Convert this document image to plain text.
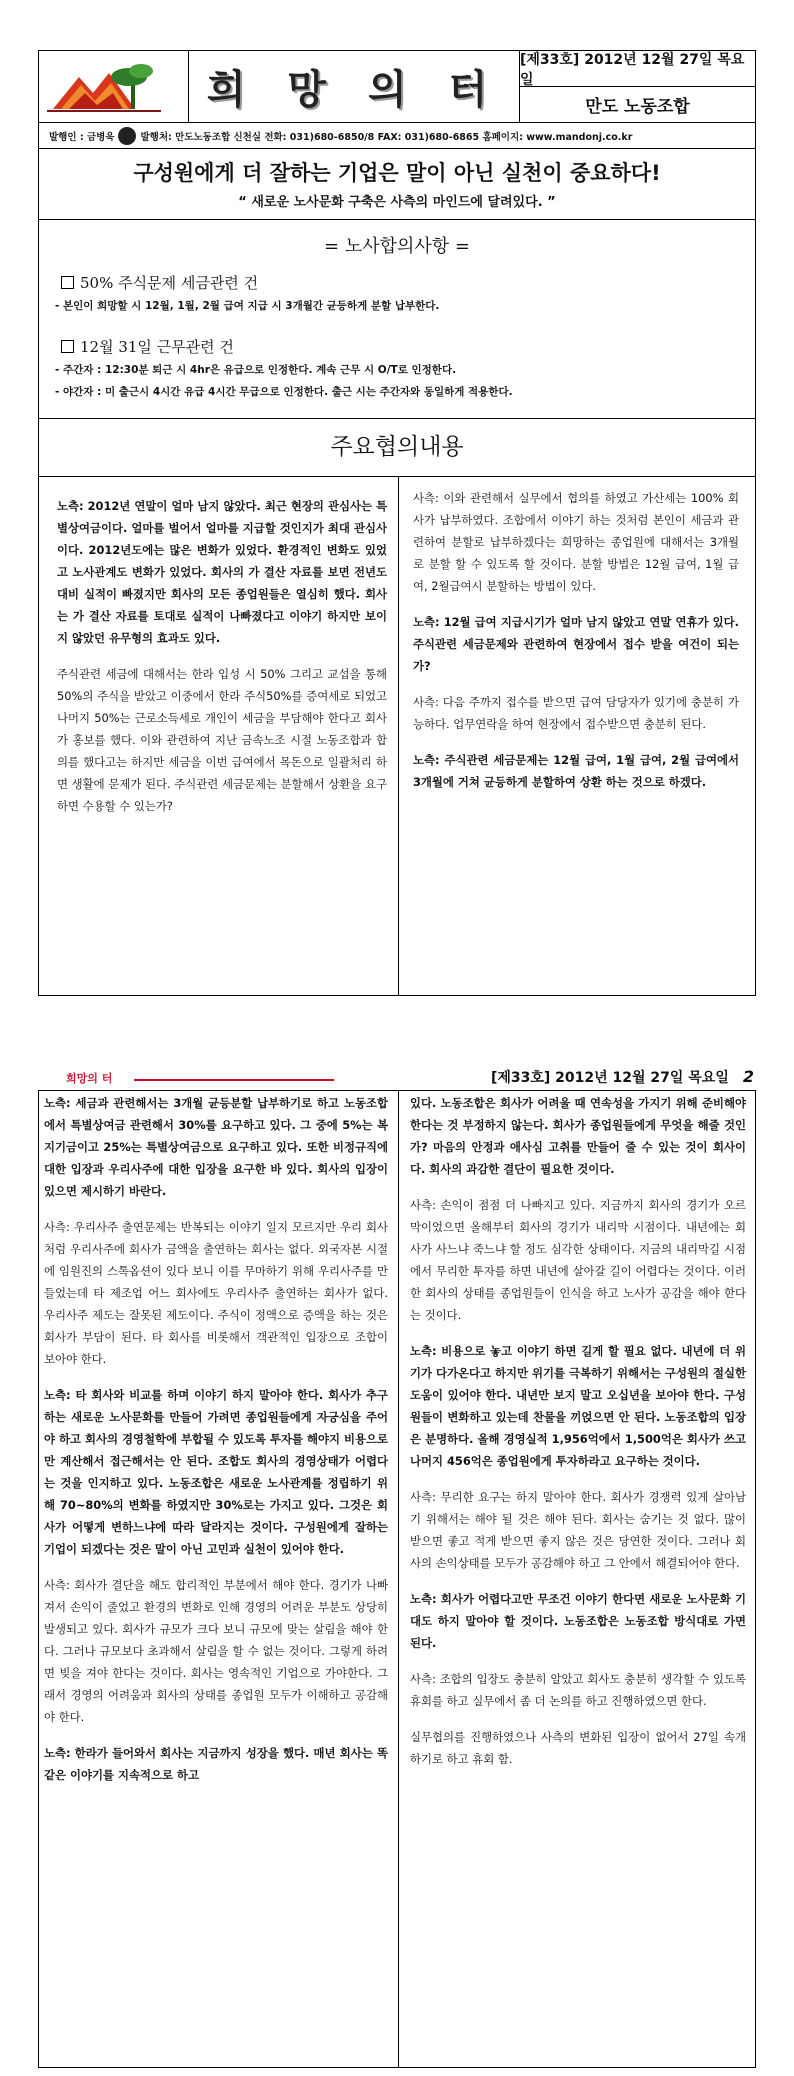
희 망 의 터
[제33호] 2012년 12월 27일 목요일
만도 노동조합
발행인 : 금병욱	발행처: 만도노동조합 신천실 전화: 031)680-6850/8 FAX: 031)680-6865 홈페이지: www.mandonj.co.kr
구성원에게 더 잘하는 기업은 말이 아닌 실천이 중요하다!
“ 새로운 노사문화 구축은 사측의 마인드에 달려있다. ”
= 노사합의사항 =
50% 주식문제 세금관련 건
- 본인이 희망할 시 12월, 1월, 2월 급여 지급 시 3개월간 균등하게 분할 납부한다.
12월 31일 근무관련 건
- 주간자 : 12:30분 퇴근 시 4hr은 유급으로 인정한다. 계속 근무 시 O/T로 인정한다.
- 야간자 : 미 출근시 4시간 유급 4시간 무급으로 인정한다. 출근 시는 주간자와 동일하게 적용한다.
주요협의내용

노측: 2012년 연말이 얼마 남지 않았다. 최근 현장의 관심사는 특별상여금이다. 얼마를 벌어서 얼마를 지급할 것인지가 최대 관심사이다. 2012년도에는 많은 변화가 있었다. 환경적인 변화도 있었고 노사관계도 변화가 있었다. 회사의 가 결산 자료를 보면 전년도 대비 실적이 빠졌지만 회사의 모든 종업원들은 열심히 했다. 회사는 가 결산 자료를 토대로 실적이 나빠졌다고 이야기 하지만 보이지 않았던 유무형의 효과도 있다.

주식관련 세금에 대해서는 한라 입성 시 50% 그리고 교섭을 통해 50%의 주식을 받았고 이중에서 한라 주식50%를 증여세로 되었고 나머지 50%는 근로소득세로 개인이 세금을 부담해야 한다고 회사가 홍보를 했다. 이와 관련하여 지난 금속노조 시절 노동조합과 합의를 했다고는 하지만 세금을 이번 급여에서 목돈으로 일괄처리 하면 생활에 문제가 된다. 주식관련 세금문제는 분할해서 상환을 요구하면 수용할 수 있는가?

사측: 이와 관련해서 실무에서 협의를 하였고 가산세는 100% 회사가 납부하였다. 조합에서 이야기 하는 것처럼 본인이 세금과 관련하여 분할로 납부하겠다는 희망하는 종업원에 대해서는 3개월로 분할 할 수 있도록 할 것이다. 분할 방법은 12월 급여, 1월 급여, 2월급여시 분할하는 방법이 있다.

노측: 12월 급여 지급시기가 얼마 남지 않았고 연말 연휴가 있다. 주식관련 세금문제와 관련하여 현장에서 접수 받을 여건이 되는가?

사측: 다음 주까지 접수를 받으면 급여 담당자가 있기에 충분히 가능하다. 업무연락을 하여 현장에서 접수받으면 충분히 된다.

노측: 주식관련 세금문제는 12월 급여, 1월 급여, 2월 급여에서 3개월에 거쳐 균등하게 분할하여 상환 하는 것으로 하겠다.

희망의 터	[제33호] 2012년 12월 27일 목요일 2

노측: 세금과 관련해서는 3개월 균등분할 납부하기로 하고 노동조합에서 특별상여금 관련해서 30%를 요구하고 있다. 그 중에 5%는 복지기금이고 25%는 특별상여금으로 요구하고 있다. 또한 비정규직에 대한 입장과 우리사주에 대한 입장을 요구한 바 있다. 회사의 입장이 있으면 제시하기 바란다.

사측: 우리사주 출연문제는 반복되는 이야기 일지 모르지만 우리 회사처럼 우리사주에 회사가 금액을 출연하는 회사는 없다. 외국자본 시절에 임원진의 스톡옵션이 있다 보니 이를 무마하기 위해 우리사주를 만들었는데 타 제조업 어느 회사에도 우리사주 출연하는 회사가 없다. 우리사주 제도는 잘못된 제도이다. 주식이 정액으로 증액을 하는 것은 회사가 부담이 된다. 타 회사를 비롯해서 객관적인 입장으로 조합이 보아야 한다.

노측: 타 회사와 비교를 하며 이야기 하지 말아야 한다. 회사가 추구하는 새로운 노사문화를 만들어 가려면 종업원들에게 자긍심을 주어야 하고 회사의 경영철학에 부합될 수 있도록 투자를 해야지 비용으로만 계산해서 접근해서는 안 된다. 조합도 회사의 경영상태가 어렵다는 것을 인지하고 있다. 노동조합은 새로운 노사관계를 정립하기 위해 70~80%의 변화를 하였지만 30%로는 가지고 있다. 그것은 회사가 어떻게 변하느냐에 따라 달라지는 것이다. 구성원에게 잘하는 기업이 되겠다는 것은 말이 아닌 고민과 실천이 있어야 한다.

사측: 회사가 결단을 해도 합리적인 부분에서 해야 한다. 경기가 나빠져서 손익이 줄었고 환경의 변화로 인해 경영의 어려운 부분도 상당히 발생되고 있다. 회사가 규모가 크다 보니 규모에 맞는 살림을 해야 한다. 그러나 규모보다 초과해서 살림을 할 수 없는 것이다. 그렇게 하려면 빚을 져야 한다는 것이다. 회사는 영속적인 기업으로 가야한다. 그래서 경영의 어려움과 회사의 상태를 종업원 모두가 이해하고 공감해야 한다.

노측: 한라가 들어와서 회사는 지금까지 성장을 했다. 매년 회사는 똑같은 이야기를 지속적으로 하고

있다. 노동조합은 회사가 어려울 때 연속성을 가지기 위해 준비해야 한다는 것 부정하지 않는다. 회사가 종업원들에게 무엇을 해줄 것인가? 마음의 안정과 애사심 고취를 만들어 줄 수 있는 것이 회사이다. 회사의 과감한 결단이 필요한 것이다.

사측: 손익이 점점 더 나빠지고 있다. 지금까지 회사의 경기가 오르막이었으면 올해부터 회사의 경기가 내리막 시점이다. 내년에는 회사가 사느냐 죽느냐 할 정도 심각한 상태이다. 지금의 내리막길 시점에서 무리한 투자를 하면 내년에 살아갈 길이 어렵다는 것이다. 이러한 회사의 상태를 종업원들이 인식을 하고 노사가 공감을 해야 한다는 것이다.

노측: 비용으로 놓고 이야기 하면 길게 할 필요 없다. 내년에 더 위기가 다가온다고 하지만 위기를 극복하기 위해서는 구성원의 절실한 도움이 있어야 한다. 내년만 보지 말고 오십년을 보아야 한다. 구성원들이 변화하고 있는데 찬물을 끼얹으면 안 된다. 노동조합의 입장은 분명하다. 올해 경영실적 1,956억에서 1,500억은 회사가 쓰고 나머지 456억은 종업원에게 투자하라고 요구하는 것이다.

사측: 무리한 요구는 하지 말아야 한다. 회사가 경쟁력 있게 살아남기 위해서는 해야 될 것은 해야 된다. 회사는 숨기는 것 없다. 많이 받으면 좋고 적게 받으면 좋지 않은 것은 당연한 것이다. 그러나 회사의 손익상태를 모두가 공감해야 하고 그 안에서 해결되어야 한다.

노측: 회사가 어렵다고만 무조건 이야기 한다면 새로운 노사문화 기대도 하지 말아야 할 것이다. 노동조합은 노동조합 방식대로 가면 된다.

사측: 조합의 입장도 충분히 알았고 회사도 충분히 생각할 수 있도록 휴회를 하고 실무에서 좀 더 논의를 하고 진행하였으면 한다.

실무협의를 진행하였으나 사측의 변화된 입장이 없어서 27일 속개하기로 하고 휴회 함.
